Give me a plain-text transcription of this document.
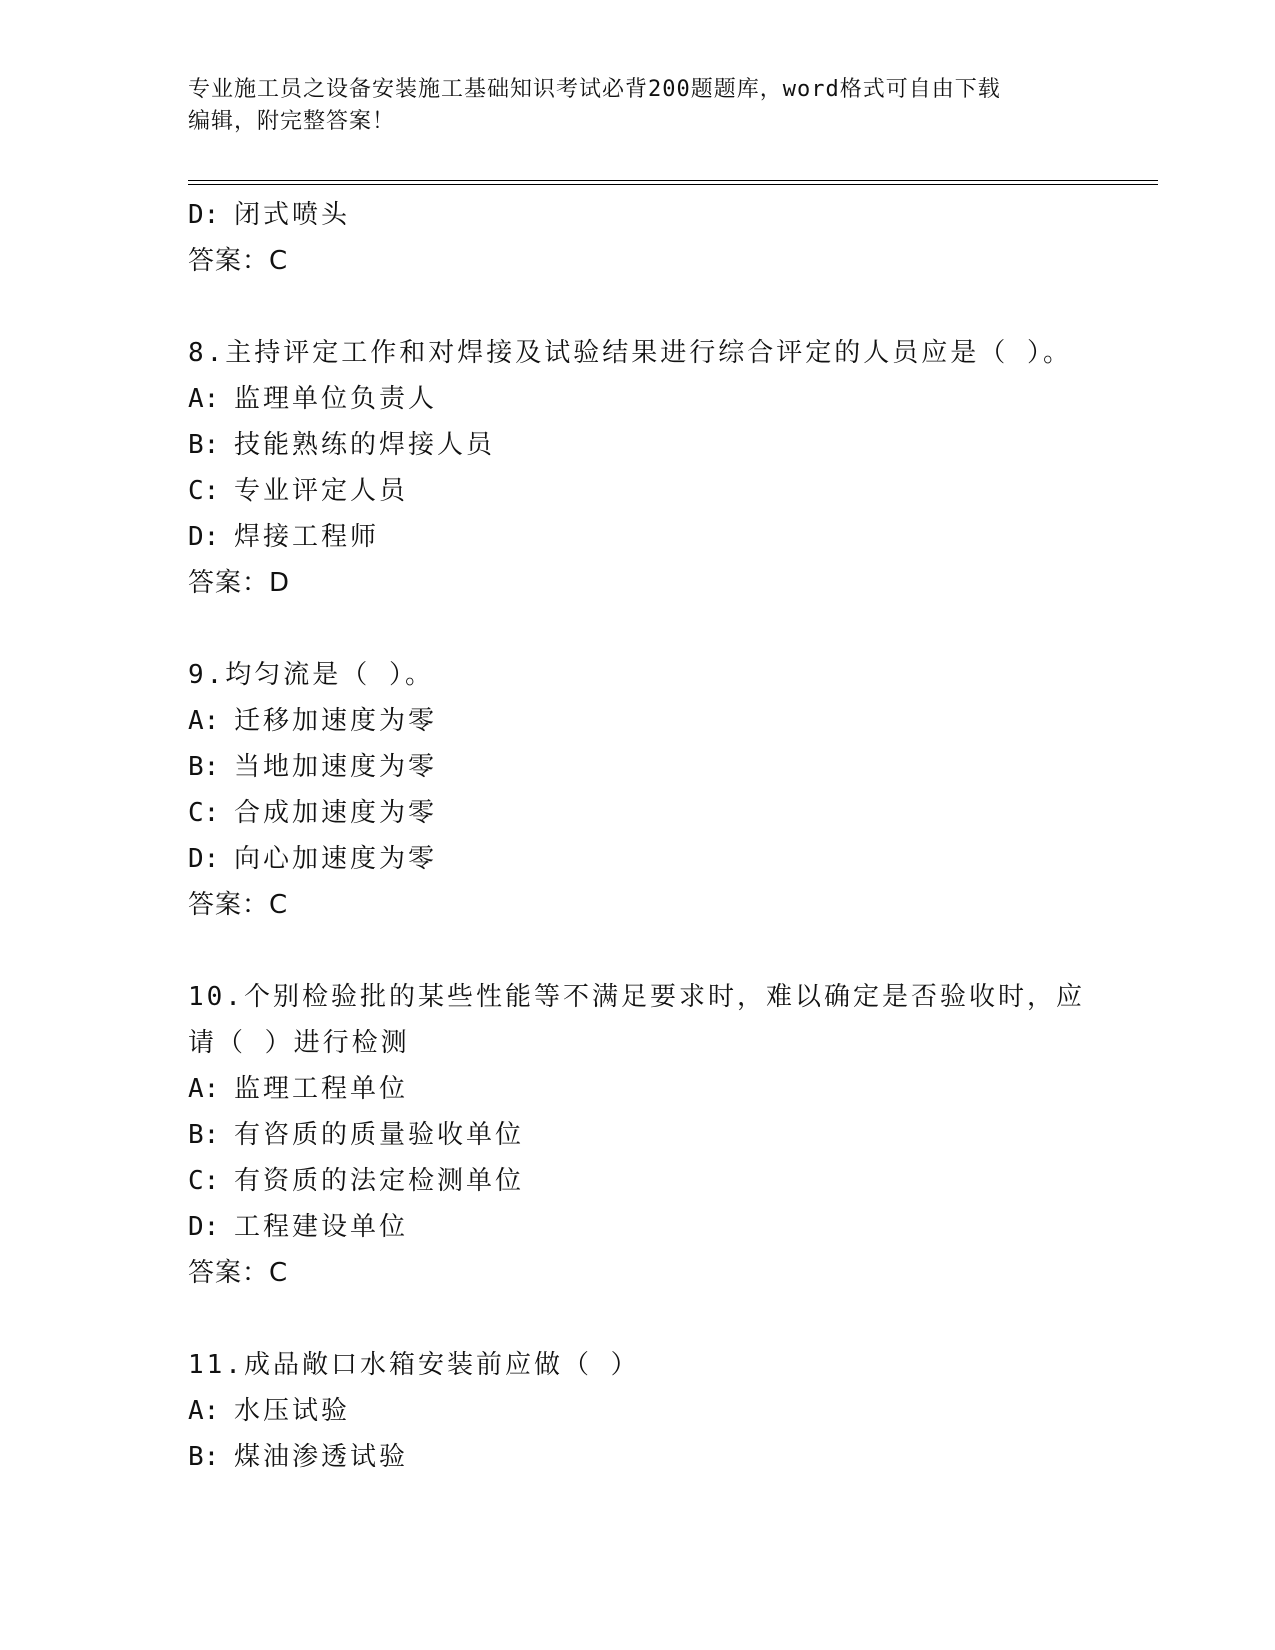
专业施工员之设备安装施工基础知识考试必背200题题库，word格式可自由下载
编辑，附完整答案！
D: 闭式喷头
答案：C
8.主持评定工作和对焊接及试验结果进行综合评定的人员应是（ ）。
A: 监理单位负责人
B: 技能熟练的焊接人员
C: 专业评定人员
D: 焊接工程师
答案：D
9.均匀流是（ ）。
A: 迁移加速度为零
B: 当地加速度为零
C: 合成加速度为零
D: 向心加速度为零
答案：C
10.个别检验批的某些性能等不满足要求时，难以确定是否验收时，应
请（ ）进行检测
A: 监理工程单位
B: 有咨质的质量验收单位
C: 有资质的法定检测单位
D: 工程建设单位
答案：C
11.成品敞口水箱安装前应做（ ）
A: 水压试验
B: 煤油渗透试验
